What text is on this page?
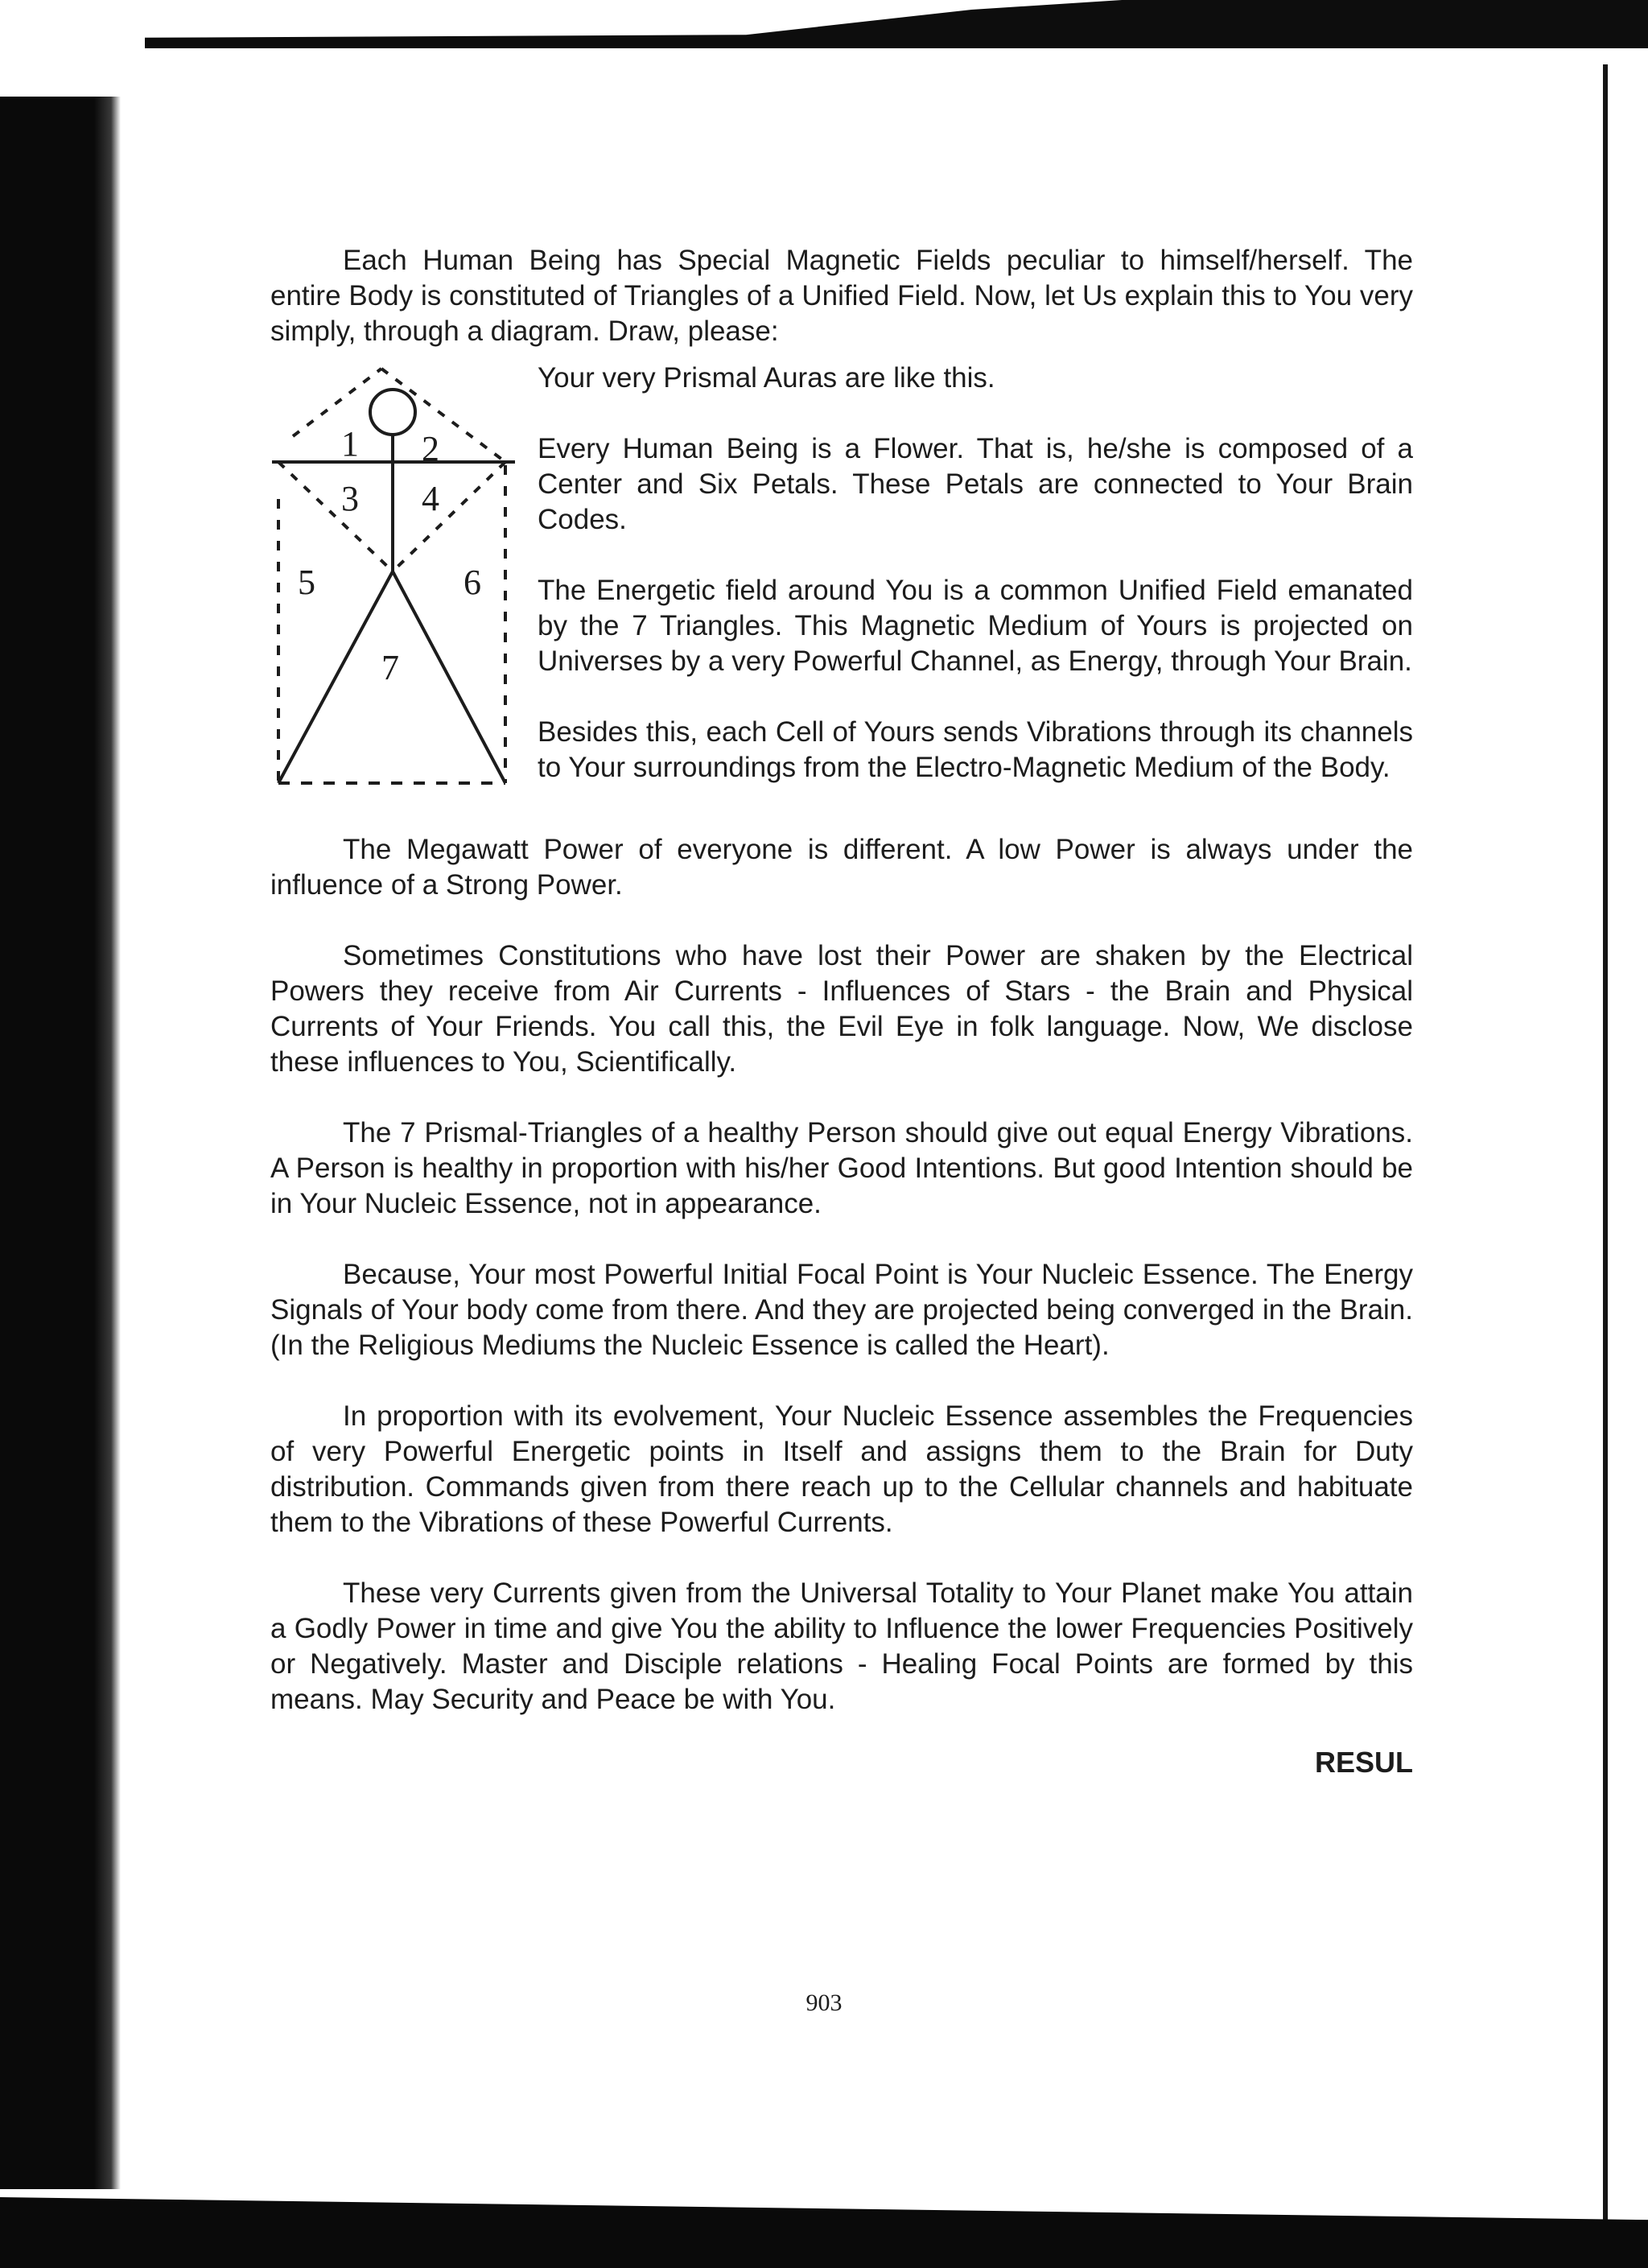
Each Human Being has Special Magnetic Fields peculiar to himself/herself. The entire Body is constituted of Triangles of a Unified Field. Now, let Us explain this to You very simply, through a diagram. Draw, please:

1 2
3 4
5	6
7

Your very Prismal Auras are like this.

Every Human Being is a Flower. That is, he/she is composed of a Center and Six Petals. These Petals are connected to Your Brain Codes.

The Energetic field around You is a common Unified Field emanated by the 7 Triangles. This Magnetic Medium of Yours is projected on Universes by a very Powerful Channel, as Energy, through Your Brain.

Besides this, each Cell of Yours sends Vibrations through its channels to Your surroundings from the Electro-Magnetic Medium of the Body.

The Megawatt Power of everyone is different. A low Power is always under the influence of a Strong Power.

Sometimes Constitutions who have lost their Power are shaken by the Electrical Powers they receive from Air Currents - Influences of Stars - the Brain and Physical Currents of Your Friends. You call this, the Evil Eye in folk language. Now, We disclose these influences to You, Scientifically.

The 7 Prismal-Triangles of a healthy Person should give out equal Energy Vibrations. A Person is healthy in proportion with his/her Good Intentions. But good Intention should be in Your Nucleic Essence, not in appearance.

Because, Your most Powerful Initial Focal Point is Your Nucleic Essence. The Energy Signals of Your body come from there. And they are projected being converged in the Brain. (In the Religious Mediums the Nucleic Essence is called the Heart).

In proportion with its evolvement, Your Nucleic Essence assembles the Frequencies of very Powerful Energetic points in Itself and assigns them to the Brain for Duty distribution. Commands given from there reach up to the Cellular channels and habituate them to the Vibrations of these Powerful Currents.

These very Currents given from the Universal Totality to Your Planet make You attain a Godly Power in time and give You the ability to Influence the lower Frequencies Positively or Negatively. Master and Disciple relations - Healing Focal Points are formed by this means. May Security and Peace be with You.

RESUL

903
